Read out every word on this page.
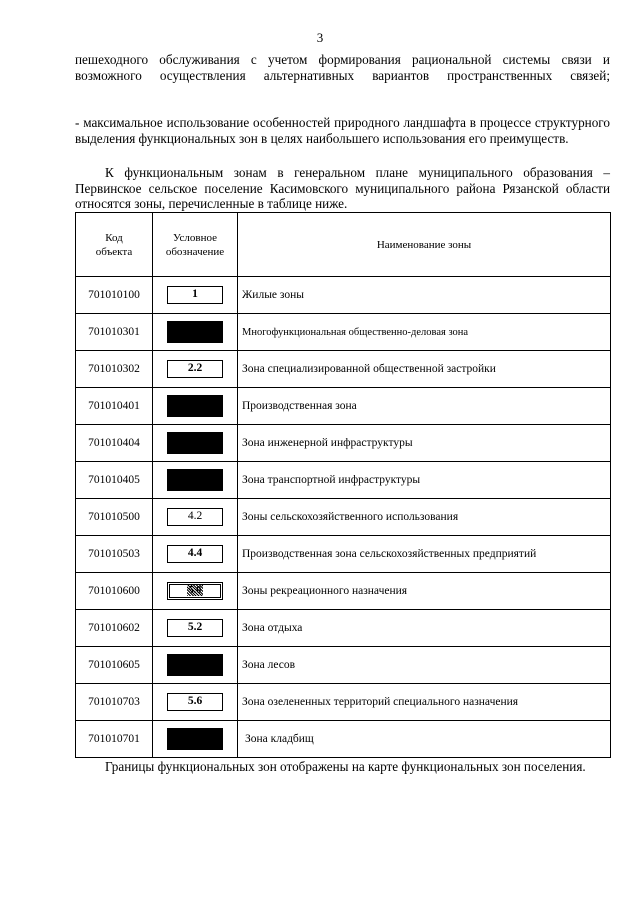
3

пешеходного обслуживания с учетом формирования рациональной системы связи и возможного осуществления альтернативных вариантов пространственных связей;

- максимальное использование особенностей природного ландшафта в процессе структурного выделения функциональных зон в целях наибольшего использования его преимуществ.

К функциональным зонам в генеральном плане муниципального образования – Первинское сельское поселение Касимовского муниципального района Рязанской области относятся зоны, перечисленные в таблице ниже.

Код объекта	Условное обозначение	Наименование зоны
701010100	1	Жилые зоны
701010301		Многофункциональная общественно-деловая зона
701010302	2.2	Зона специализированной общественной застройки
701010401		Производственная зона
701010404		Зона инженерной инфраструктуры
701010405		Зона транспортной инфраструктуры
701010500	4.2	Зоны сельскохозяйственного использования
701010503	4.4	Производственная зона сельскохозяйственных предприятий
701010600	5.0	Зоны рекреационного назначения
701010602	5.2	Зона отдыха
701010605		Зона лесов
701010703	5.6	Зона озелененных территорий специального назначения
701010701		Зона кладбищ

Границы функциональных зон отображены на карте функциональных зон поселения.
